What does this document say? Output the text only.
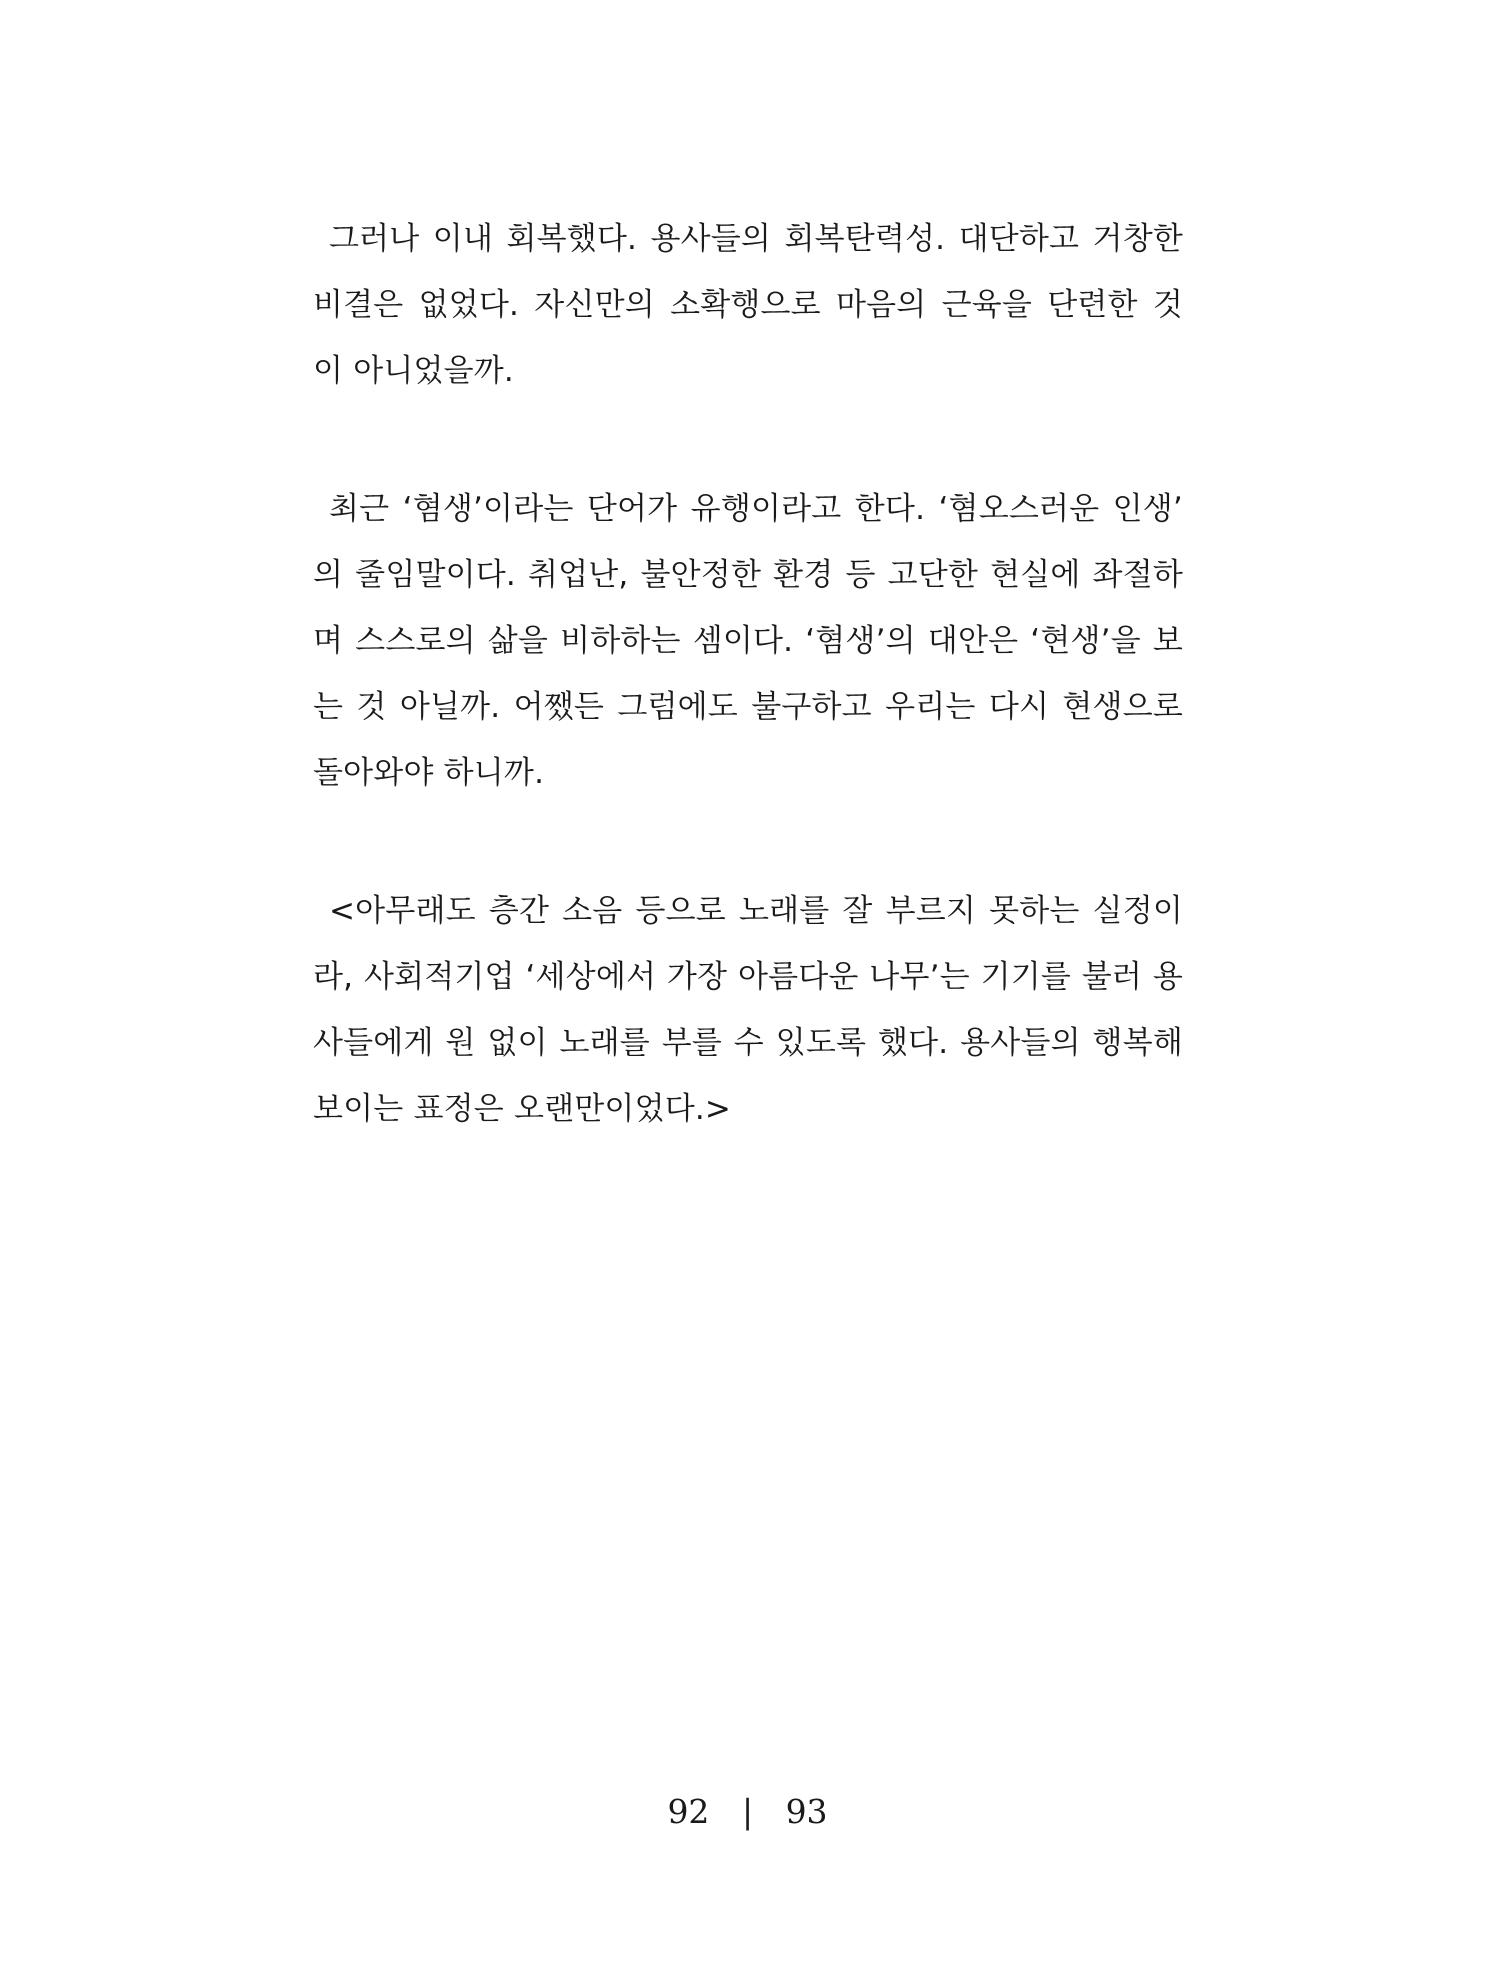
그러나 이내 회복했다. 용사들의 회복탄력성. 대단하고 거창한
비결은 없었다. 자신만의 소확행으로 마음의 근육을 단련한 것
이 아니었을까.
최근 ‘혐생’이라는 단어가 유행이라고 한다. ‘혐오스러운 인생’
의 줄임말이다. 취업난, 불안정한 환경 등 고단한 현실에 좌절하
며 스스로의 삶을 비하하는 셈이다. ‘혐생’의 대안은 ‘현생’을 보
는 것 아닐까. 어쨌든 그럼에도 불구하고 우리는 다시 현생으로
돌아와야 하니까.
<아무래도 층간 소음 등으로 노래를 잘 부르지 못하는 실정이
라, 사회적기업 ‘세상에서 가장 아름다운 나무’는 기기를 불러 용
사들에게 원 없이 노래를 부를 수 있도록 했다. 용사들의 행복해
보이는 표정은 오랜만이었다.>
92 | 93
